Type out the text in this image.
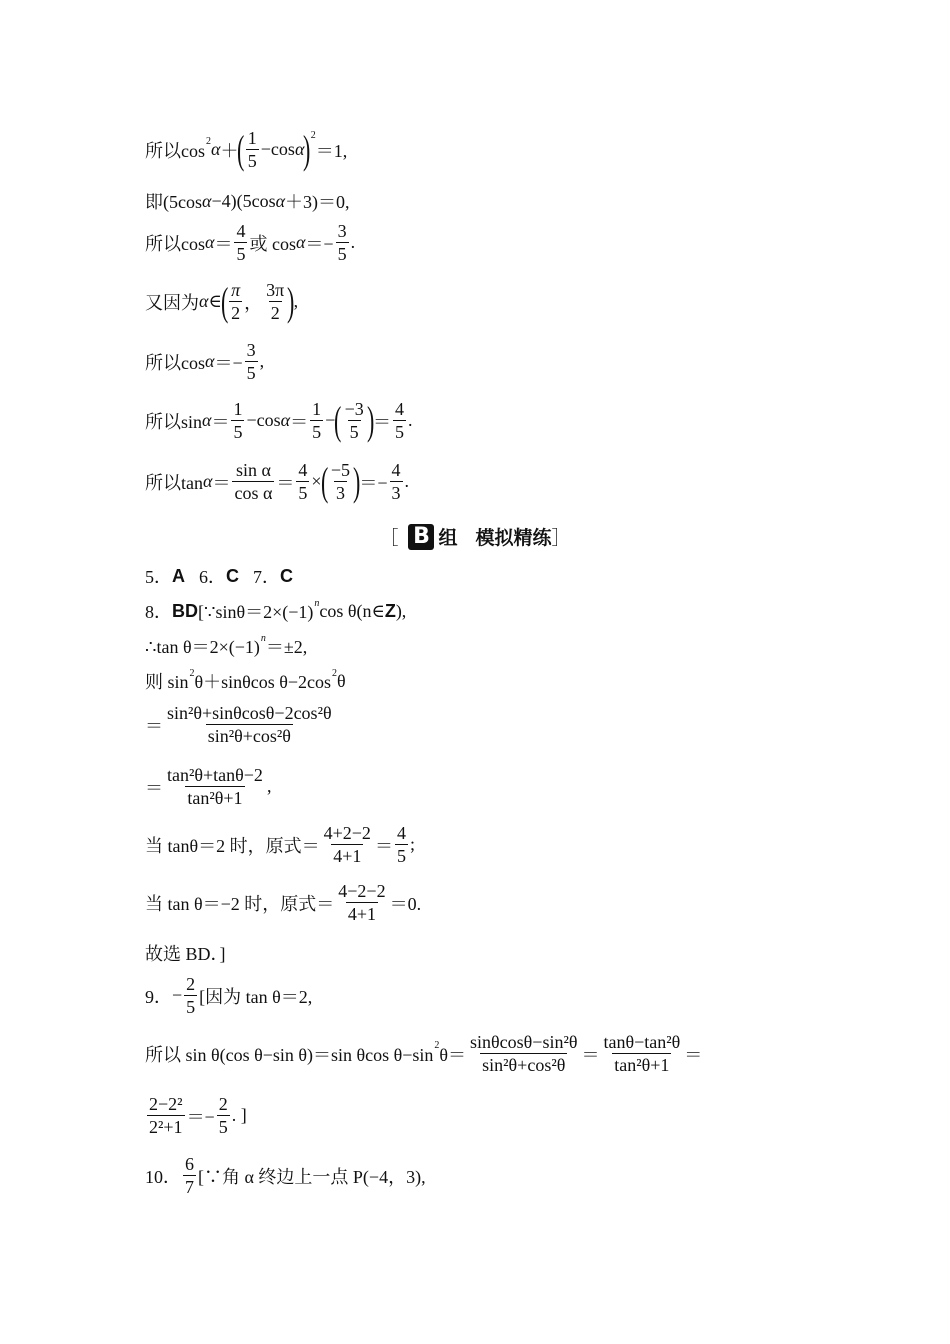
所以cos 2 α ＋
( $\frac{1}{5} -\cos$ α
) 2
＝1,
即(5cos α −4)(5cos α ＋3)＝0,
所以$\cos \alpha = \frac{4}{5}$ 或 $\cos \alpha =- \frac{3}{5}$ .
又因为 α ∈
( $\frac{\pi}{2}$ ， $\frac{3\pi}{2}$ )
,
所以$\cos \alpha =- \frac{3}{5}$ ,
所以$\sin \alpha = \frac{1}{5} -\cos$ $\alpha = \frac{1}{5}$ −
( $\frac{-3}{5}$ )
＝ $\frac{4}{5}$ .
所以$\tan \alpha = \frac{\text{sin α}}{\text{cos α}} = \frac{4}{5}$ ×
( $\frac{-5}{3}$ )
＝− $\frac{4}{3}$ .
［ B 组 模拟精练 ］
5． A 6． C 7． C
8． BD [∵sinθ＝2×(−1) n cos θ(n∈ Z ),
∴tan θ＝2×(−1) n ＝±2,
则 sin 2 θ＋sinθcos θ−2cos 2 θ
＝ $\frac{\text{sin²θ+sinθcosθ−2cos²θ}}{\text{sin²θ+cos²θ}}$
＝ $\frac{\text{tan²θ+tanθ−2}}{\text{tan²θ+1}}$ ,
当 tanθ＝2 时，原式＝ $\frac{4+2-2}{4+1} = \frac{4}{5}$ ;
当 tan θ＝−2 时，原式＝ $\frac{4-2-2}{4+1} =0$.
故选 BD．]
9． − $\frac{2}{5}$ [因为 tan θ＝2,
所以 sin θ(cos θ−sin θ)＝sin θcos θ−sin 2 $\theta= \frac{\text{sinθcosθ−sin²θ}}{\text{sin²θ+cos²θ}} = \frac{\text{tanθ−tan²θ}}{\text{tan²θ+1}}$ ＝
$\frac{\text{2−2²}}{\text{2²+1}} =- \frac{2}{5}$ . ]
10． $\frac{6}{7}$ [∵角 α 终边上一点 P(−4，3),
